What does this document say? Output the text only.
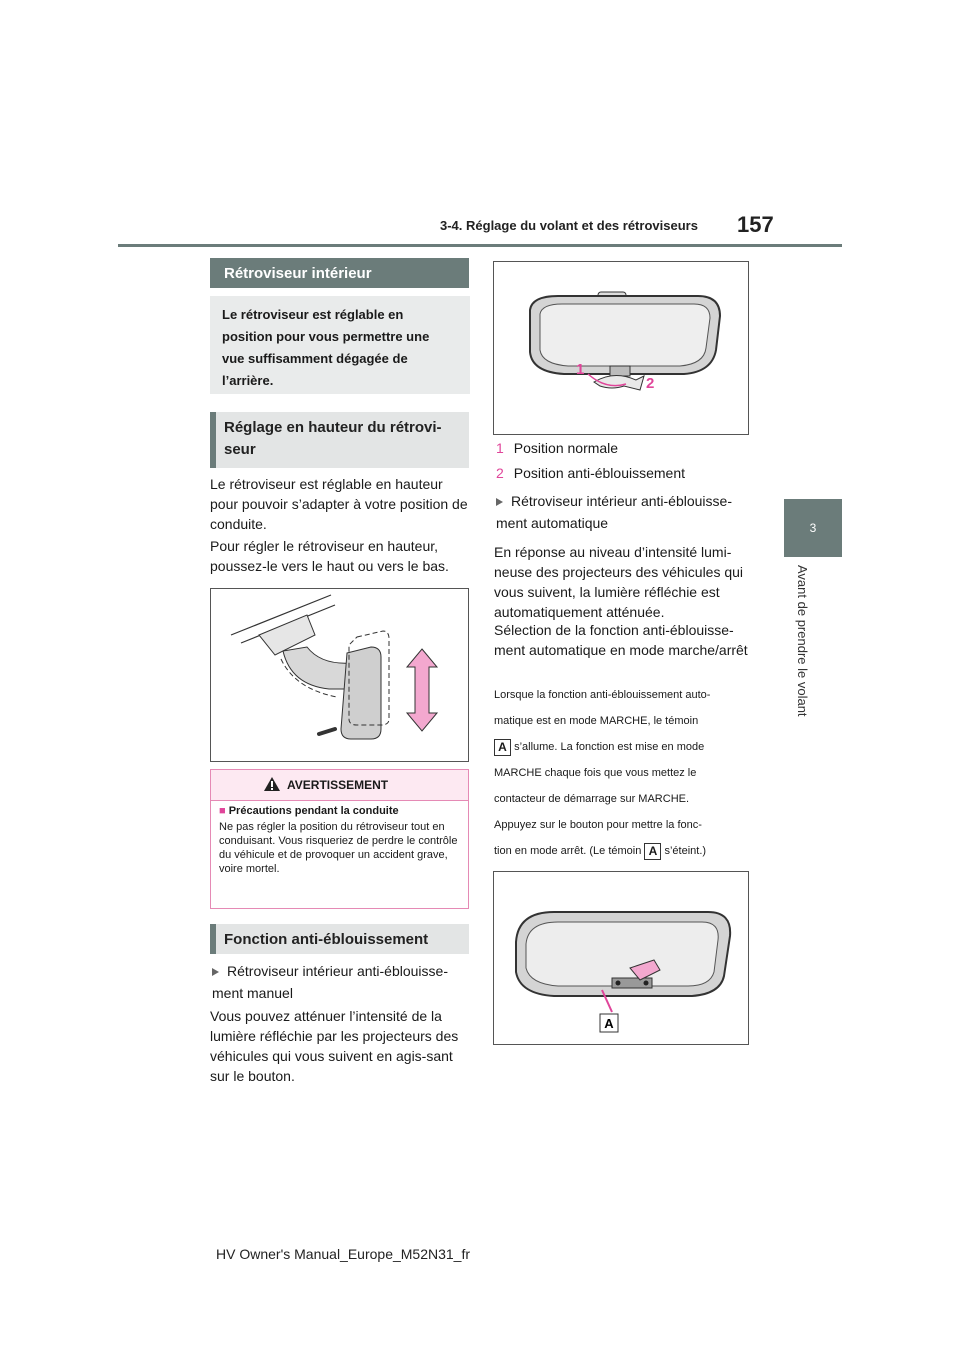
3-4. Réglage du volant et des rétroviseurs 157
3
Avant de prendre le volant
Rétroviseur intérieur
Le rétroviseur est réglable en
position pour vous permettre une
vue suffisamment dégagée de
l’arrière.
Réglage en hauteur du rétrovi-seur
Le rétroviseur est réglable en hauteur pour pouvoir s’adapter à votre position de conduite.
Pour régler le rétroviseur en hauteur, poussez-le vers le haut ou vers le bas.
AVERTISSEMENT
■ Précautions pendant la conduite
Ne pas régler la position du rétroviseur tout en conduisant. Vous risqueriez de perdre le contrôle du véhicule et de provoquer un accident grave, voire mortel.
Fonction anti-éblouissement
Rétroviseur intérieur anti-éblouisse-ment manuel
Vous pouvez atténuer l’intensité de la lumière réfléchie par les projecteurs des véhicules qui vous suivent en agis-sant sur le bouton.
1
2
1 Position normale
2 Position anti-éblouissement
Rétroviseur intérieur anti-éblouisse-ment automatique
En réponse au niveau d’intensité lumi-neuse des projecteurs des véhicules qui vous suivent, la lumière réfléchie est automatiquement atténuée.
Sélection de la fonction anti-éblouisse-ment automatique en mode marche/arrêt
Lorsque la fonction anti-éblouissement auto-
matique est en mode MARCHE, le témoin
A s’allume. La fonction est mise en mode
MARCHE chaque fois que vous mettez le
contacteur de démarrage sur MARCHE.
Appuyez sur le bouton pour mettre la fonc-
tion en mode arrêt. (Le témoin A s’éteint.)
A
HV Owner's Manual_Europe_M52N31_fr
